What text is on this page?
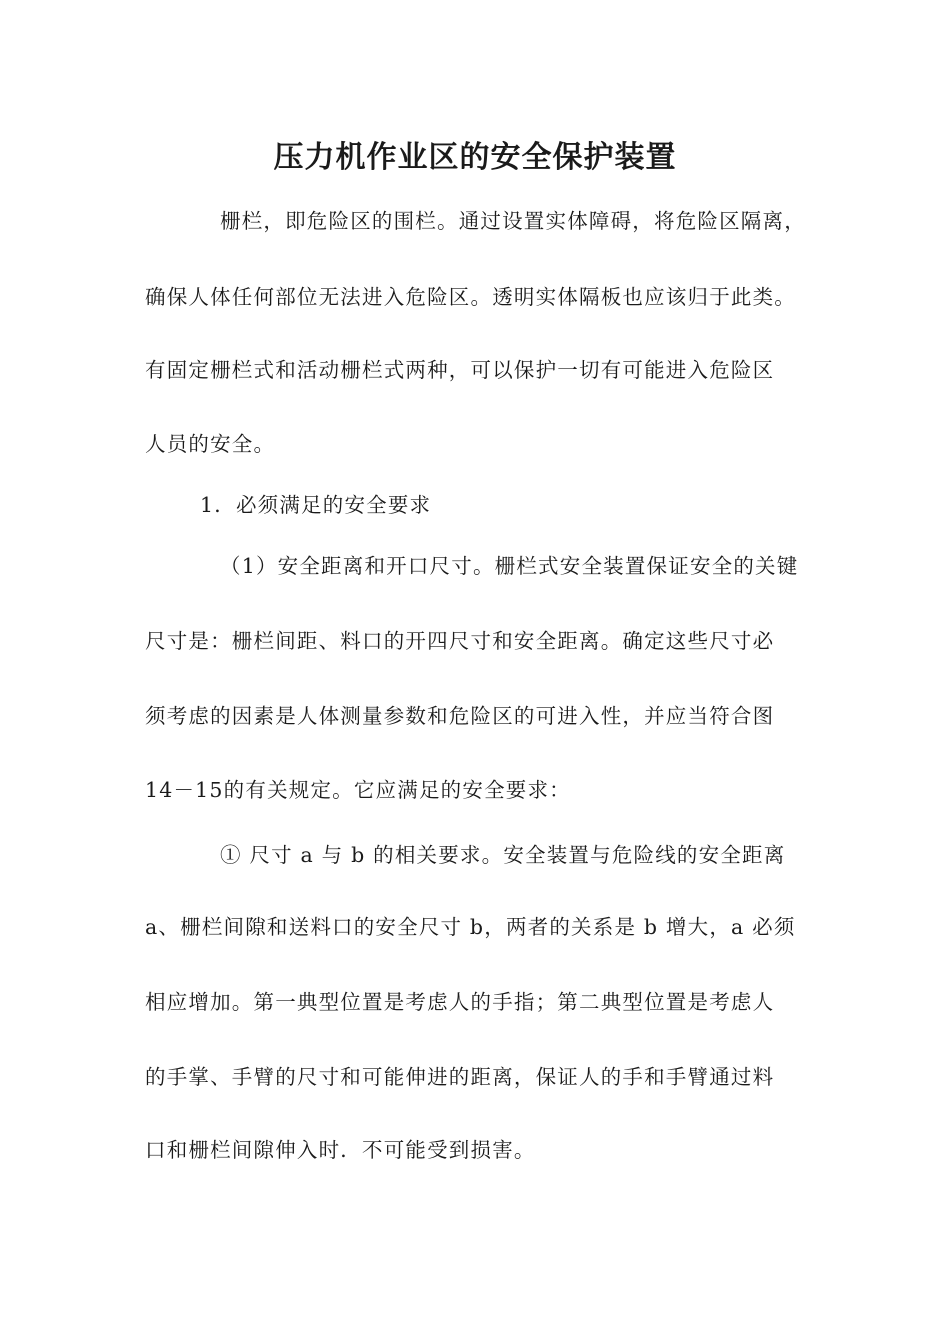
压力机作业区的安全保护装置
栅栏，即危险区的围栏。通过设置实体障碍，将危险区隔离，
确保人体任何部位无法进入危险区。透明实体隔板也应该归于此类。
有固定栅栏式和活动栅栏式两种，可以保护一切有可能进入危险区
人员的安全。
1．必须满足的安全要求
（1）安全距离和开口尺寸。栅栏式安全装置保证安全的关键
尺寸是：栅栏间距、料口的开四尺寸和安全距离。确定这些尺寸必
须考虑的因素是人体测量参数和危险区的可进入性，并应当符合图
14－15的有关规定。它应满足的安全要求：
① 尺寸 a 与 b 的相关要求。安全装置与危险线的安全距离
a、栅栏间隙和送料口的安全尺寸 b，两者的关系是 b 增大，a 必须
相应增加。第一典型位置是考虑人的手指；第二典型位置是考虑人
的手掌、手臂的尺寸和可能伸进的距离，保证人的手和手臂通过料
口和栅栏间隙伸入时．不可能受到损害。
